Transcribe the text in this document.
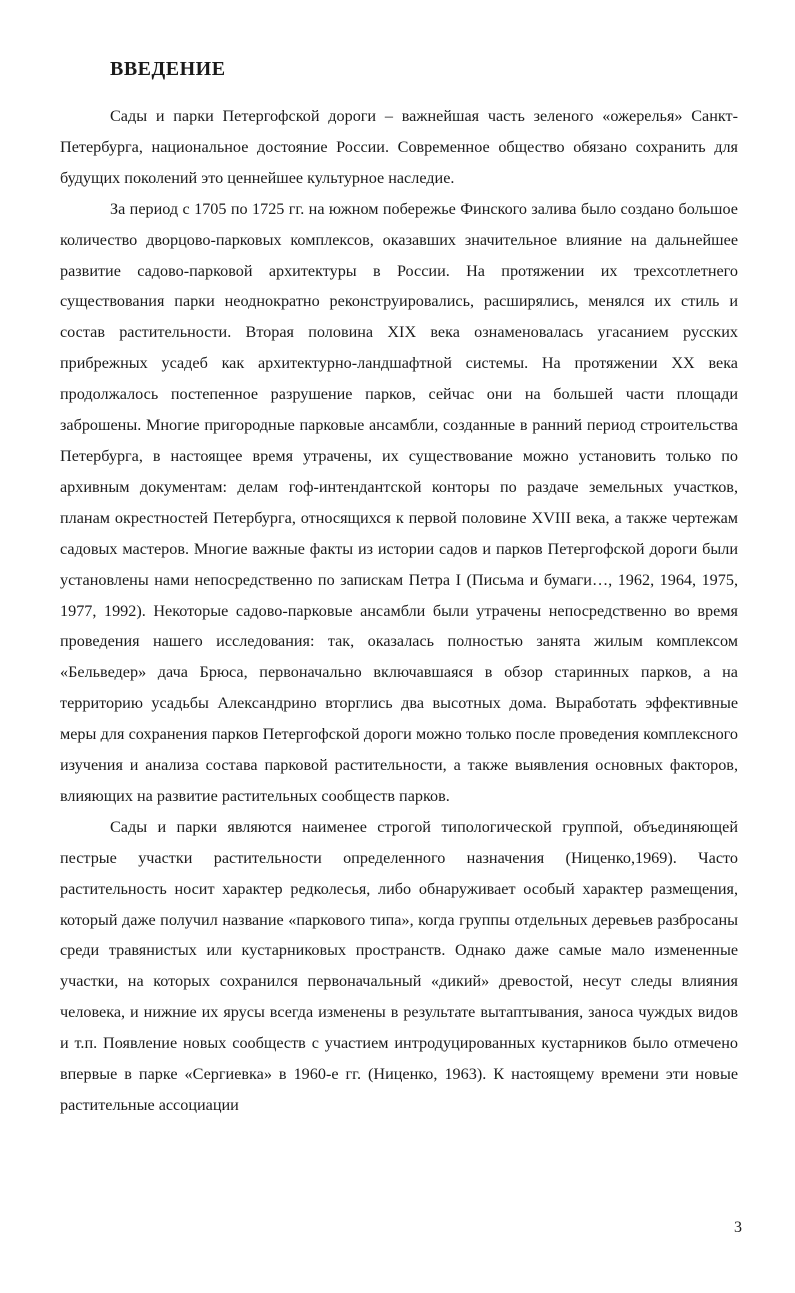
ВВЕДЕНИЕ

Сады и парки Петергофской дороги – важнейшая часть зеленого «ожерелья» Санкт-Петербурга, национальное достояние России. Современное общество обязано сохранить для будущих поколений это ценнейшее культурное наследие.

За период с 1705 по 1725 гг. на южном побережье Финского залива было создано большое количество дворцово-парковых комплексов, оказавших значительное влияние на дальнейшее развитие садово-парковой архитектуры в России. На протяжении их трехсотлетнего существования парки неоднократно реконструировались, расширялись, менялся их стиль и состав растительности. Вторая половина XIX века ознаменовалась угасанием русских прибрежных усадеб как архитектурно-ландшафтной системы. На протяжении XX века продолжалось постепенное разрушение парков, сейчас они на большей части площади заброшены. Многие пригородные парковые ансамбли, созданные в ранний период строительства Петербурга, в настоящее время утрачены, их существование можно установить только по архивным документам: делам гоф-интендантской конторы по раздаче земельных участков, планам окрестностей Петербурга, относящихся к первой половине XVIII века, а также чертежам садовых мастеров. Многие важные факты из истории садов и парков Петергофской дороги были установлены нами непосредственно по запискам Петра I (Письма и бумаги…, 1962, 1964, 1975, 1977, 1992). Некоторые садово-парковые ансамбли были утрачены непосредственно во время проведения нашего исследования: так, оказалась полностью занята жилым комплексом «Бельведер» дача Брюса, первоначально включавшаяся в обзор старинных парков, а на территорию усадьбы Александрино вторглись два высотных дома. Выработать эффективные меры для сохранения парков Петергофской дороги можно только после проведения комплексного изучения и анализа состава парковой растительности, а также выявления основных факторов, влияющих на развитие растительных сообществ парков.

Сады и парки являются наименее строгой типологической группой, объединяющей пестрые участки растительности определенного назначения (Ниценко,1969). Часто растительность носит характер редколесья, либо обнаруживает особый характер размещения, который даже получил название «паркового типа», когда группы отдельных деревьев разбросаны среди травянистых или кустарниковых пространств. Однако даже самые мало измененные участки, на которых сохранился первоначальный «дикий» древостой, несут следы влияния человека, и нижние их ярусы всегда изменены в результате вытаптывания, заноса чуждых видов и т.п. Появление новых сообществ с участием интродуцированных кустарников было отмечено впервые в парке «Сергиевка» в 1960-е гг. (Ниценко, 1963). К настоящему времени эти новые растительные ассоциации

3
